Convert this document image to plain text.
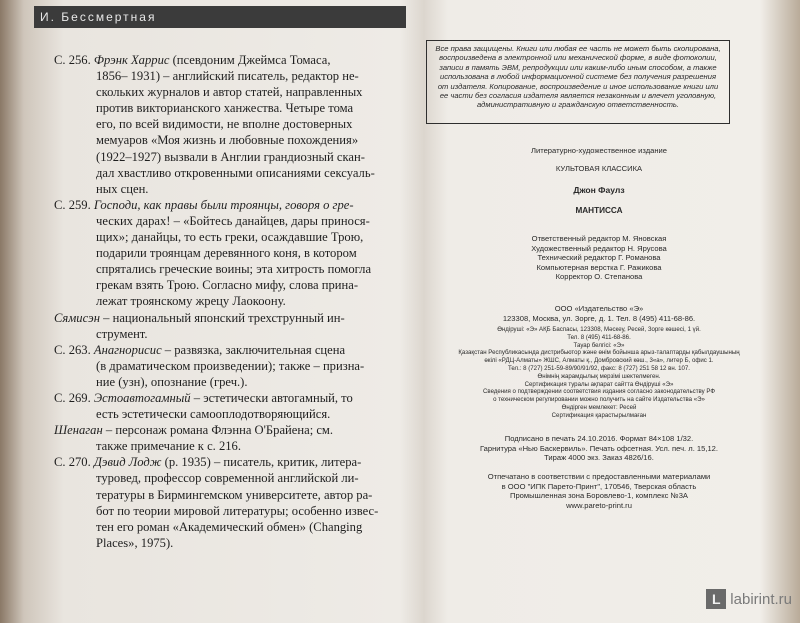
И. Бессмертная
С. 256. Фрэнк Харрис (псевдоним Джеймса Томаса,
1856– 1931) – английский писатель, редактор не-
скольких журналов и автор статей, направленных
против викторианского ханжества. Четыре тома
его, по всей видимости, не вполне достоверных
мемуаров «Моя жизнь и любовные похождения»
(1922–1927) вызвали в Англии грандиозный скан-
дал хвастливо откровенными описаниями сексуаль-
ных сцен.
С. 259. Господи, как правы были троянцы, говоря о гре-
ческих дарах! – «Бойтесь данайцев, дары принося-
щих»; данайцы, то есть греки, осаждавшие Трою,
подарили троянцам деревянного коня, в котором
спрятались греческие воины; эта хитрость помогла
грекам взять Трою. Согласно мифу, слова прина-
лежат троянскому жрецу Лаокоону.
Сямисэн – национальный японский трехструнный ин-
струмент.
С. 263. Анагнорисис – развязка, заключительная сцена
(в драматическом произведении); также – призна-
ние (узн), опознание (греч.).
С. 269. Эстоавтогамный – эстетически автогамный, то
есть эстетически самооплодотворяющийся.
Шенаган – персонаж романа Флэнна О'Брайена; см.
также примечание к с. 216.
С. 270. Дэвид Лодж (р. 1935) – писатель, критик, литера-
туровед, профессор современной английской ли-
тературы в Бирмингемском университете, автор ра-
бот по теории мировой литературы; особенно извес-
тен его роман «Академический обмен» (Changing
Places», 1975).
Все права защищены. Книги или любая ее часть не может быть скопирована, воспроизведена в электронной или механической форме, в виде фотокопии, записи в память ЭВМ, репродукции или каким-либо иным способом, а также использована в любой информационной системе без получения разрешения от издателя. Копирование, воспроизведение и иное использование книги или ее части без согласия издателя является незаконным и влечет уголовную, административную и гражданскую ответственность.
Литературно-художественное издание
КУЛЬТОВАЯ КЛАССИКА
Джон Фаулз
МАНТИССА
Ответственный редактор М. Яновская
Художественный редактор Н. Ярусова
Технический редактор Г. Романова
Компьютерная верстка Г. Ражикова
Корректор О. Степанова
ООО «Издательство «Э»
123308, Москва, ул. Зорге, д. 1. Тел. 8 (495) 411-68-86.
Өндіруші: «Э» АҚБ Баспасы, 123308, Мәскеу, Ресей, Зорге көшесі, 1 үй.
Тел. 8 (495) 411-68-86.
Тауар белгісі: «Э»
Қазақстан Республикасында дистрибьютор және өнім бойынша арыз-талаптарды қабылдаушының
өкілі «РДЦ-Алматы» ЖШС, Алматы қ., Домбровский көш., 3«а», литер Б, офис 1.
Тел.: 8 (727) 251-59-89/90/91/92, факс: 8 (727) 251 58 12 вн. 107.
Өнімнің жарамдылық мерзімі шектелмеген.
Сертификация туралы ақпарат сайтта Өндіруші «Э»
Сведения о подтверждении соответствия издания согласно законодательству РФ
о техническом регулировании можно получить на сайте Издательства «Э»
Өндірген мемлекет: Ресей
Сертификация қарастырылмаған
Подписано в печать 24.10.2016. Формат 84×108 1/32.
Гарнитура «Нью Баскервиль». Печать офсетная. Усл. печ. л. 15,12.
Тираж 4000 экз. Заказ 4826/16.
Отпечатано в соответствии с предоставленными материалами
в ООО "ИПК Парето-Принт", 170546, Тверская область
Промышленная зона Боровлево-1, комплекс №3А
www.pareto-print.ru
L labirint.ru
